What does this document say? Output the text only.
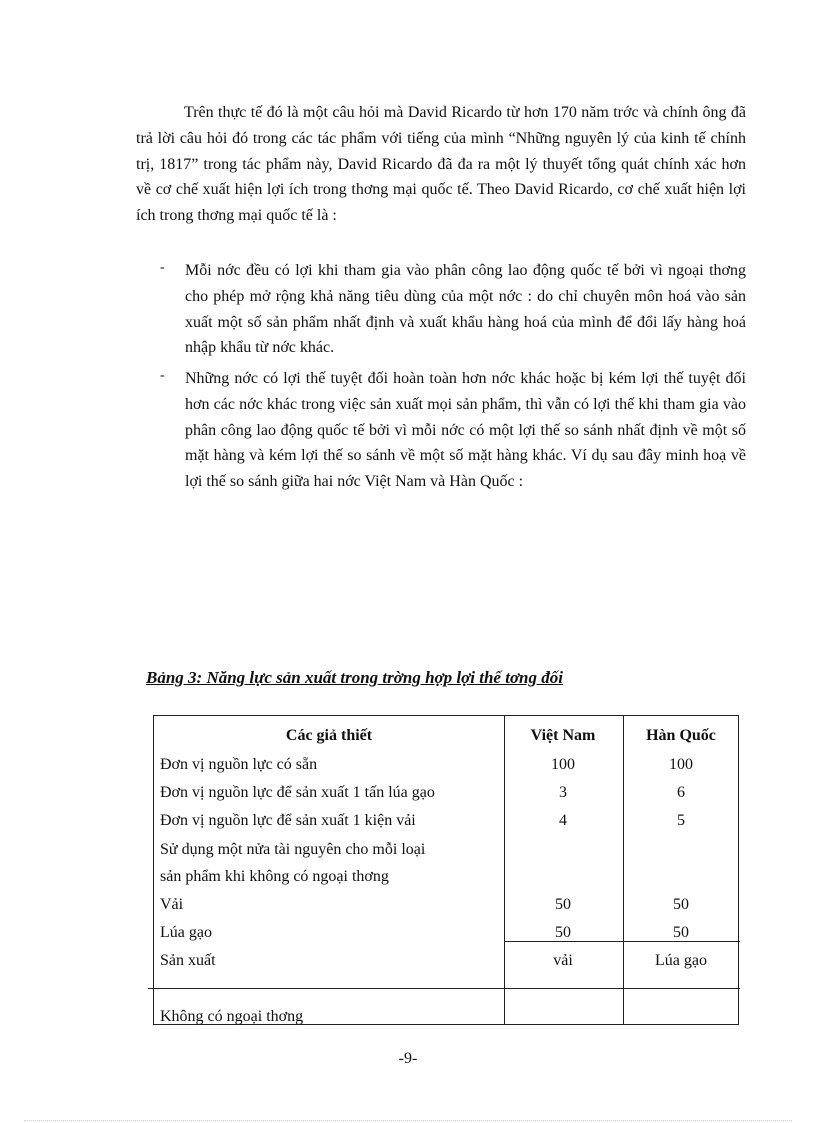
Trên thực tế đó là một câu hỏi mà David Ricardo từ hơn 170 năm trớc và chính ông đã trả lời câu hỏi đó trong các tác phẩm với tiếng của mình “Những nguyên lý của kinh tế chính trị, 1817” trong tác phẩm này, David Ricardo đã đa ra một lý thuyết tổng quát chính xác hơn về cơ chế xuất hiện lợi ích trong thơng mại quốc tế. Theo David Ricardo, cơ chế xuất hiện lợi ích trong thơng mại quốc tế là :

- Mỗi nớc đều có lợi khi tham gia vào phân công lao động quốc tế bởi vì ngoại thơng cho phép mở rộng khả năng tiêu dùng của một nớc : do chỉ chuyên môn hoá vào sản xuất một số sản phẩm nhất định và xuất khẩu hàng hoá của mình để đổi lấy hàng hoá nhập khẩu từ nớc khác.
- Những nớc có lợi thế tuyệt đối hoàn toàn hơn nớc khác hoặc bị kém lợi thế tuyệt đối hơn các nớc khác trong việc sản xuất mọi sản phẩm, thì vẫn có lợi thế khi tham gia vào phân công lao động quốc tế bởi vì mỗi nớc có một lợi thế so sánh nhất định về một số mặt hàng và kém lợi thế so sánh về một số mặt hàng khác. Ví dụ sau đây minh hoạ về lợi thế so sánh giữa hai nớc Việt Nam và Hàn Quốc :
Bảng 3: Năng lực sản xuất trong trờng hợp lợi thế tơng đối
Các giả thiết	Việt Nam	Hàn Quốc
Đơn vị nguồn lực có sẵn	100	100
Đơn vị nguồn lực để sản xuất 1 tấn lúa gạo	3	6
Đơn vị nguồn lực để sản xuất 1 kiện vải	4	5
Sử dụng một nửa tài nguyên cho mỗi loại
sản phẩm khi không có ngoại thơng
Vải	50	50
Lúa gạo	50	50
Sản xuất	vải	Lúa gạo
Không có ngoại thơng
-9-
